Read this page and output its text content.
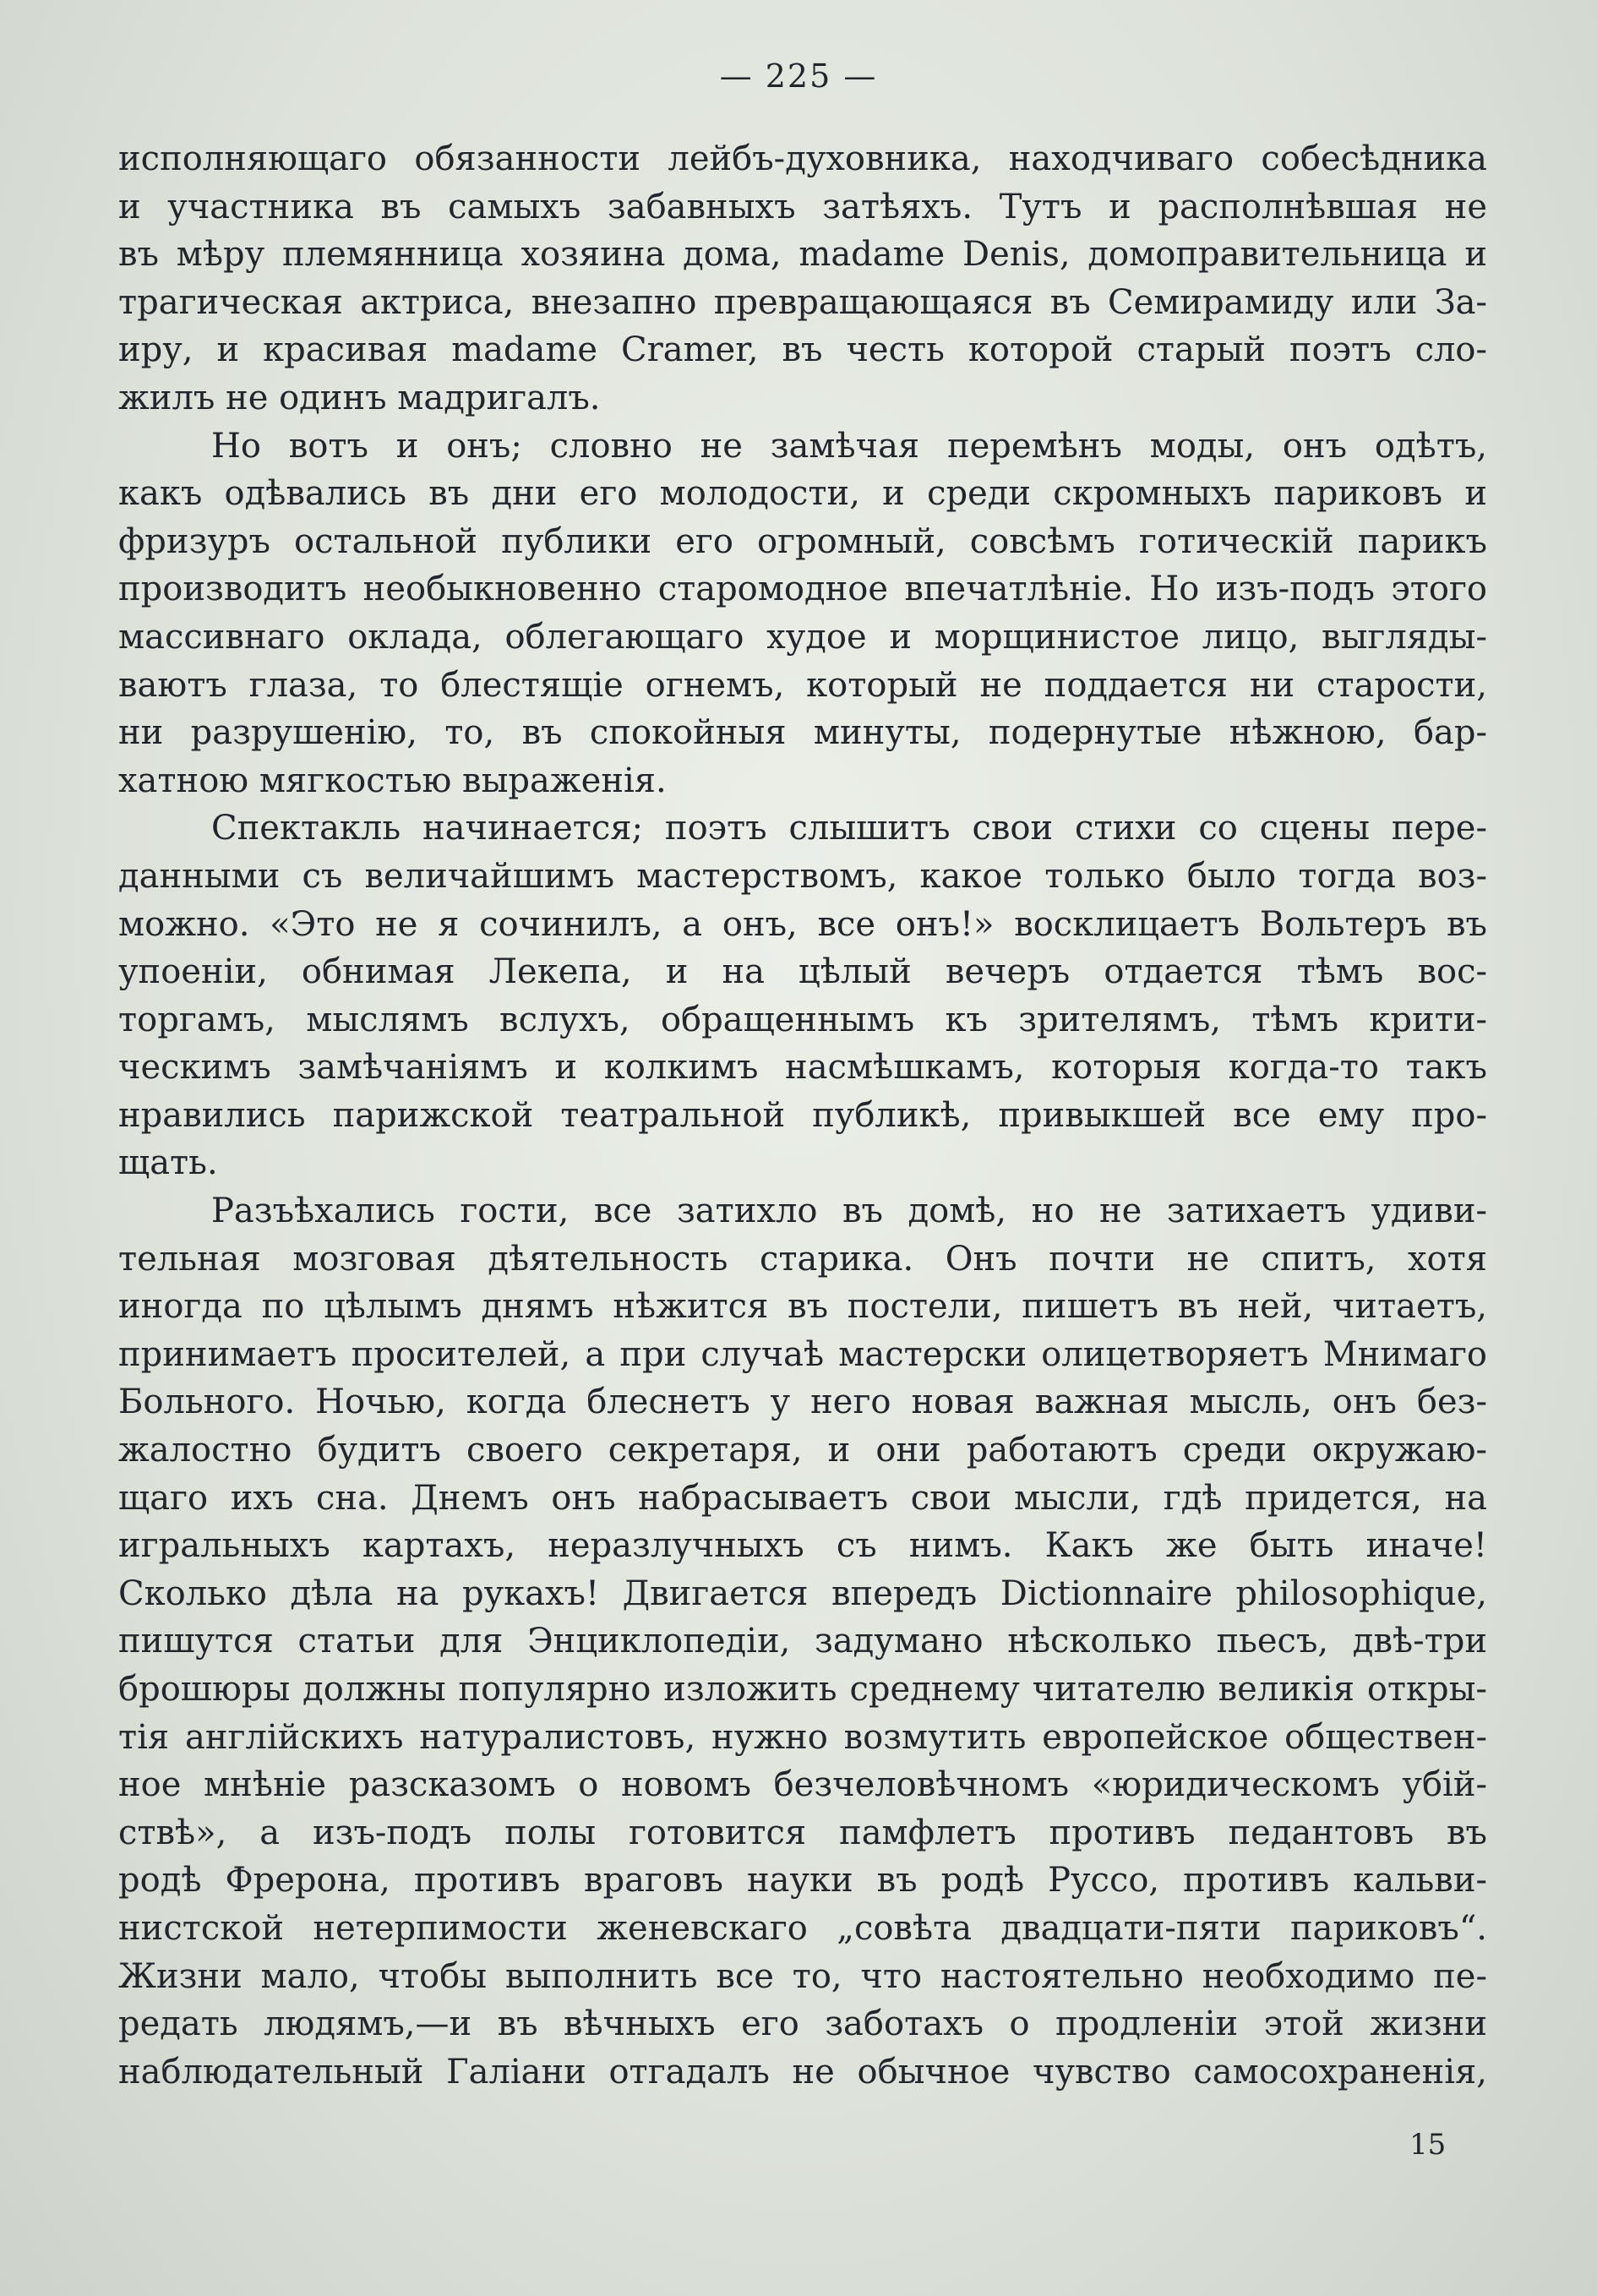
— 225 —
исполняющаго обязанности лейбъ-духовника, находчиваго собесѣдника
и участника въ самыхъ забавныхъ затѣяхъ. Тутъ и располнѣвшая не
въ мѣру племянница хозяина дома, madame Denis, домоправительница и
трагическая актриса, внезапно превращающаяся въ Семирамиду или За-
иру, и красивая madame Cramer, въ честь которой старый поэтъ сло-
жилъ не одинъ мадригалъ.
Но вотъ и онъ; словно не замѣчая перемѣнъ моды, онъ одѣтъ,
какъ одѣвались въ дни его молодости, и среди скромныхъ париковъ и
фризуръ остальной публики его огромный, совсѣмъ готическій парикъ
производитъ необыкновенно старомодное впечатлѣніе. Но изъ-подъ этого
массивнаго оклада, облегающаго худое и морщинистое лицо, выгляды-
ваютъ глаза, то блестящіе огнемъ, который не поддается ни старости,
ни разрушенію, то, въ спокойныя минуты, подернутые нѣжною, бар-
хатною мягкостью выраженія.
Спектакль начинается; поэтъ слышитъ свои стихи со сцены пере-
данными съ величайшимъ мастерствомъ, какое только было тогда воз-
можно. «Это не я сочинилъ, а онъ, все онъ!» восклицаетъ Вольтеръ въ
упоеніи, обнимая Лекепа, и на цѣлый вечеръ отдается тѣмъ вос-
торгамъ, мыслямъ вслухъ, обращеннымъ къ зрителямъ, тѣмъ крити-
ческимъ замѣчаніямъ и колкимъ насмѣшкамъ, которыя когда-то такъ
нравились парижской театральной публикѣ, привыкшей все ему про-
щать.
Разъѣхались гости, все затихло въ домѣ, но не затихаетъ удиви-
тельная мозговая дѣятельность старика. Онъ почти не спитъ, хотя
иногда по цѣлымъ днямъ нѣжится въ постели, пишетъ въ ней, читаетъ,
принимаетъ просителей, а при случаѣ мастерски олицетворяетъ Мнимаго
Больного. Ночью, когда блеснетъ у него новая важная мысль, онъ без-
жалостно будитъ своего секретаря, и они работаютъ среди окружаю-
щаго ихъ сна. Днемъ онъ набрасываетъ свои мысли, гдѣ придется, на
игральныхъ картахъ, неразлучныхъ съ нимъ. Какъ же быть иначе!
Сколько дѣла на рукахъ! Двигается впередъ Dictionnaire philosophique,
пишутся статьи для Энциклопедіи, задумано нѣсколько пьесъ, двѣ-три
брошюры должны популярно изложить среднему читателю великія откры-
тія англійскихъ натуралистовъ, нужно возмутить европейское обществен-
ное мнѣніе разсказомъ о новомъ безчеловѣчномъ «юридическомъ убій-
ствѣ», а изъ-подъ полы готовится памфлетъ противъ педантовъ въ
родѣ Фрерона, противъ враговъ науки въ родѣ Руссо, противъ кальви-
нистской нетерпимости женевскаго „совѣта двадцати-пяти париковъ“.
Жизни мало, чтобы выполнить все то, что настоятельно необходимо пе-
редать людямъ,—и въ вѣчныхъ его заботахъ о продленіи этой жизни
наблюдательный Галіани отгадалъ не обычное чувство самосохраненія,
15
